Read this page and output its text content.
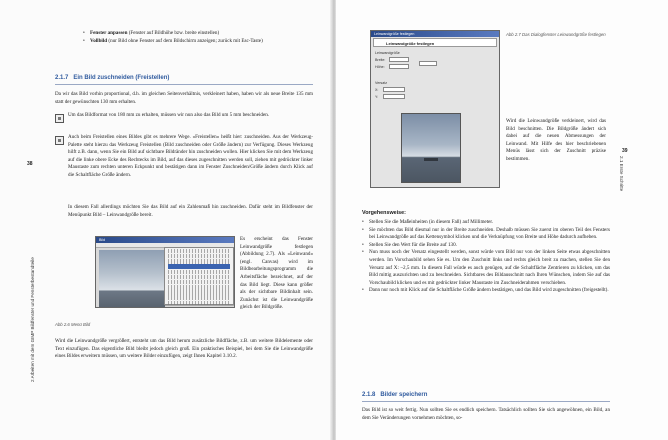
2 Arbeiten mit dem GIMP Bildfenster und Fensterbestandteile
38
• Fenster anpassen (Fenster auf Bildhöhe bzw. breite einstellen)
• Vollbild (nur Bild ohne Fenster auf dem Bildschirm anzeigen; zurück mit Esc-Taste)
2.1.7 Ein Bild zuschneiden (Freistellen)
Da wir das Bild vorhin proportional, d.h. im gleichen Seitenverhältnis, verkleinert haben, haben wir als neue Breite 135 mm statt der gewünschten 130 mm erhalten.
Um das Bildformat von 180 mm zu erhalten, müssen wir nun also das Bild um 5 mm beschneiden.
Auch beim Freistellen eines Bildes gibt es mehrere Wege. »Freistellen« heißt hier: zuschneiden. Aus der Werkzeug-Palette steht hierzu das Werkzeug Freistellen (Bild zuschneiden oder Größe ändern) zur Verfügung. Dieses Werkzeug hilft z.B. dann, wenn Sie ein Bild auf sichtbare Bildränder hin zuschneiden wollen. Hier klicken Sie mit dem Werkzeug auf die linke obere Ecke des Rechtecks im Bild, auf das dieses zugeschnitten werden soll, ziehen mit gedrückter linker Maustaste zum rechten unteren Eckpunkt und bestätigen dann im Fenster Zuschneiden/Größe ändern durch Klick auf die Schaltfläche Größe ändern.
In diesem Fall allerdings möchten Sie das Bild auf ein Zahlenmaß hin zuschneiden. Dafür steht im Bildfenster der Menüpunkt Bild – Leinwandgröße bereit.
Bild
Abb 2.6 Menü Bild
Es erscheint das Fenster Leinwandgröße festlegen (Abbildung 2.7). Als »Leinwand« (engl. Canvas) wird im Bildbearbeitungsprogramm die Arbeitsfläche bezeichnet, auf der das Bild liegt. Diese kann größer als der sichtbare Bildinhalt sein. Zunächst ist die Leinwandgröße gleich der Bildgröße.
Wird die Leinwandgröße vergrößert, entsteht um das Bild herum zusätzliche Bildfläche, z.B. um weitere Bildelemente oder Text einzufügen. Das eigentliche Bild bleibt jedoch gleich groß. Ein praktisches Beispiel, bei dem Sie die Leinwandgröße eines Bildes erweitern müssen, um weitere Bilder einzufügen, zeigt Ihnen Kapitel 3.10.2.
2.1 Erste Schritte
39
Leinwandgröße festlegen
Leinwandgröße festlegen
Leinwandgröße
Breite:
Höhe:
Versatz
X:
Y:
Abb 2.7 Das Dialogfenster Leinwandgröße festlegen
Wird die Leinwandgröße verkleinert, wird das Bild beschnitten. Die Bildgröße ändert sich dabei auf die neuen Abmessungen der Leinwand. Mit Hilfe des hier beschriebenen Menüs lässt sich der Zuschnitt präzise bestimmen.
Vorgehensweise:
• Stellen Sie die Maßeinheiten (in diesem Fall) auf Millimeter.
• Sie möchten das Bild diesmal nur in der Breite zuschneiden. Deshalb müssen Sie zuerst im oberen Teil des Fensters bei Leinwandgröße auf das Kettensymbol klicken und die Verknüpfung von Breite und Höhe dadurch aufheben.
• Stellen Sie den Wert für die Breite auf 130.
• Nun muss noch der Versatz eingestellt werden, sonst würde vom Bild nur von der linken Seite etwas abgeschnitten werden. Im Vorschaubild sehen Sie es. Um den Zuschnitt links und rechts gleich breit zu machen, stellen Sie den Versatz auf X: –2,5 mm. In diesem Fall würde es auch genügen, auf die Schaltfläche Zentrieren zu klicken, um das Bild mittig auszurichten und zu beschneiden. Sichtbares des Bildausschnitt nach Ihren Wünschen, indem Sie auf das Vorschaubild klicken und es mit gedrückter linker Maustaste im Zuschneiderahmen verschieben.
• Dann nur noch mit Klick auf die Schaltfläche Größe ändern bestätigen, und das Bild wird zugeschnitten (freigestellt).
2.1.8 Bilder speichern
Das Bild ist so weit fertig. Nun sollten Sie es endlich speichern. Tatsächlich sollten Sie sich angewöhnen, ein Bild, an dem Sie Veränderungen vornehmen möchten, so-
